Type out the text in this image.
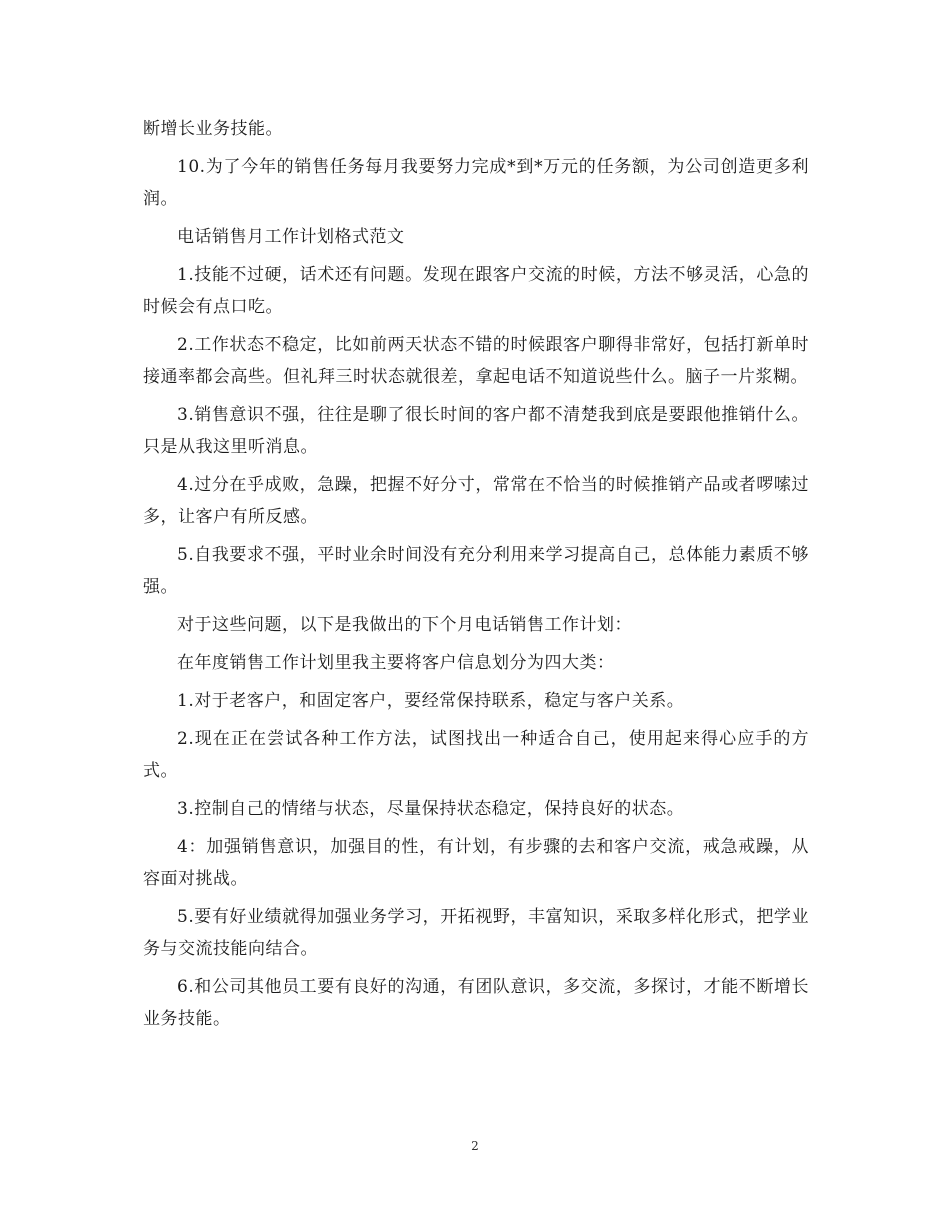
断增长业务技能。

10.为了今年的销售任务每月我要努力完成*到*万元的任务额，为公司创造更多利润。

电话销售月工作计划格式范文

1.技能不过硬，话术还有问题。发现在跟客户交流的时候，方法不够灵活，心急的时候会有点口吃。

2.工作状态不稳定，比如前两天状态不错的时候跟客户聊得非常好，包括打新单时接通率都会高些。但礼拜三时状态就很差，拿起电话不知道说些什么。脑子一片浆糊。

3.销售意识不强，往往是聊了很长时间的客户都不清楚我到底是要跟他推销什么。只是从我这里听消息。

4.过分在乎成败，急躁，把握不好分寸，常常在不恰当的时候推销产品或者啰嗦过多，让客户有所反感。

5.自我要求不强，平时业余时间没有充分利用来学习提高自己，总体能力素质不够强。

对于这些问题，以下是我做出的下个月电话销售工作计划：

在年度销售工作计划里我主要将客户信息划分为四大类：

1.对于老客户，和固定客户，要经常保持联系，稳定与客户关系。

2.现在正在尝试各种工作方法，试图找出一种适合自己，使用起来得心应手的方式。

3.控制自己的情绪与状态，尽量保持状态稳定，保持良好的状态。

4：加强销售意识，加强目的性，有计划，有步骤的去和客户交流，戒急戒躁，从容面对挑战。

5.要有好业绩就得加强业务学习，开拓视野，丰富知识，采取多样化形式，把学业务与交流技能向结合。

6.和公司其他员工要有良好的沟通，有团队意识，多交流，多探讨，才能不断增长业务技能。

2
